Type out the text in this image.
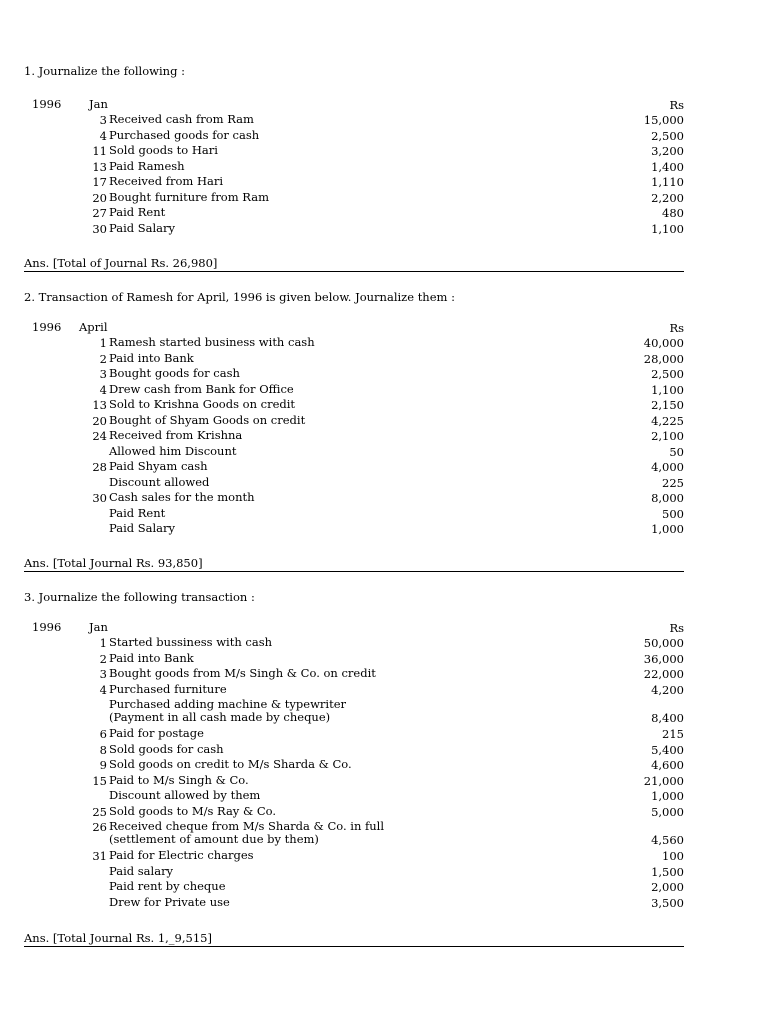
1. Journalize the following :
1996 Jan	Rs
3 Received cash from Ram	15,000
4 Purchased goods for cash	2,500
11 Sold goods to Hari	3,200
13 Paid Ramesh	1,400
17 Received from Hari	1,110
20 Bought furniture from Ram	2,200
27 Paid Rent	480
30 Paid Salary	1,100
Ans. [Total of Journal Rs. 26,980]
2. Transaction of Ramesh for April, 1996 is given below. Journalize them :
1996 April	Rs
1 Ramesh started business with cash	40,000
2 Paid into Bank	28,000
3 Bought goods for cash	2,500
4 Drew cash from Bank for Office	1,100
13 Sold to Krishna Goods on credit	2,150
20 Bought of Shyam Goods on credit	4,225
24 Received from Krishna	2,100
Allowed him Discount	50
28 Paid Shyam cash	4,000
Discount allowed	225
30 Cash sales for the month	8,000
Paid Rent	500
Paid Salary	1,000
Ans. [Total Journal Rs. 93,850]
3. Journalize the following transaction :
1996 Jan	Rs
1 Started bussiness with cash	50,000
2 Paid into Bank	36,000
3 Bought goods from M/s Singh & Co. on credit	22,000
4 Purchased furniture	4,200
Purchased adding machine & typewriter
(Payment in all cash made by cheque)	8,400
6 Paid for postage	215
8 Sold goods for cash	5,400
9 Sold goods on credit to M/s Sharda & Co.	4,600
15 Paid to M/s Singh & Co.	21,000
Discount allowed by them	1,000
25 Sold goods to M/s Ray & Co.	5,000
26 Received cheque from M/s Sharda & Co. in full
(settlement of amount due by them)	4,560
31 Paid for Electric charges	100
Paid salary	1,500
Paid rent by cheque	2,000
Drew for Private use	3,500
Ans. [Total Journal Rs. 1,_9,515]
